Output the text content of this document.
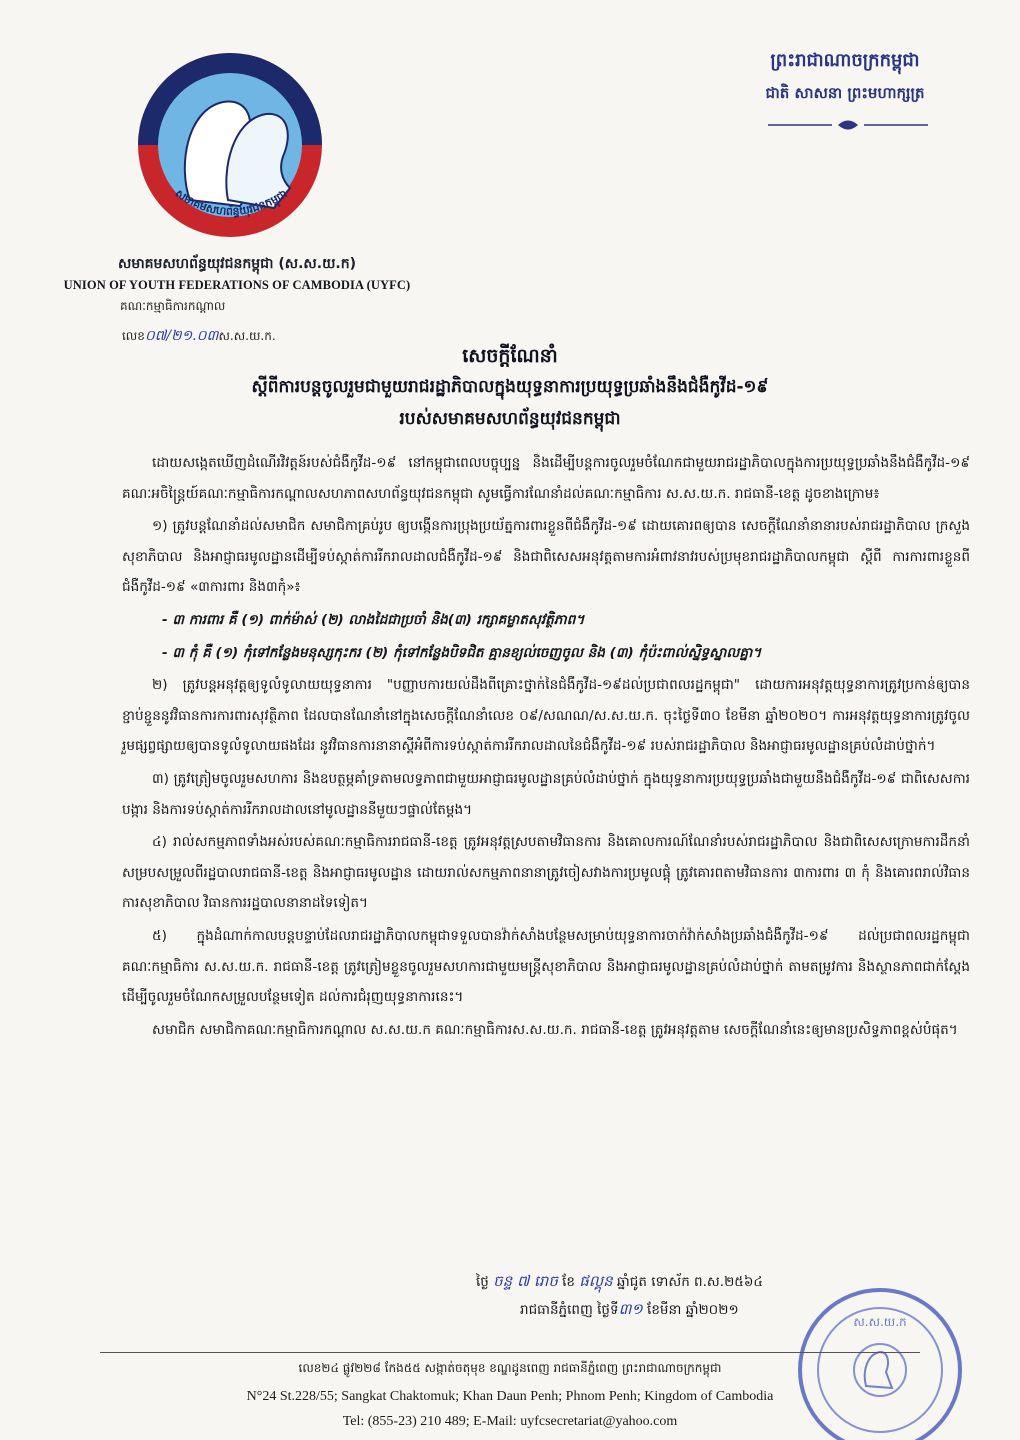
សមាគមសហព័ន្ធយុវជនកម្ពុជា
សមាគមសហព័ន្ធយុវជនកម្ពុជា (ស.ស.យ.ក)
UNION OF YOUTH FEDERATIONS OF CAMBODIA (UYFC)
គណៈកម្មាធិការកណ្តាល
លេខ០៧/២១.០៣ស.ស.យ.ក.
ព្រះរាជាណាចក្រកម្ពុជា
ជាតិ សាសនា ព្រះមហាក្សត្រ
សេចក្តីណែនាំ
ស្តីពីការបន្តចូលរួមជាមួយរាជរដ្ឋាភិបាលក្នុងយុទ្ធនាការប្រយុទ្ធប្រឆាំងនឹងជំងឺកូវីដ-១៩
របស់សមាគមសហព័ន្ធយុវជនកម្ពុជា

ដោយសង្កេតឃើញដំណើរវិវត្តន៍របស់ជំងឺកូវីដ-១៩ នៅកម្ពុជាពេលបច្ចុប្បន្ន និងដើម្បីបន្តការចូលរួមចំណែកជាមួយរាជរដ្ឋាភិបាលក្នុងការប្រយុទ្ធប្រឆាំងនឹងជំងឺកូវីដ-១៩ គណៈអចិន្ត្រៃយ៍គណៈកម្មាធិការកណ្តាលសហភាពសហព័ន្ធយុវជនកម្ពុជា សូមធ្វើការណែនាំដល់គណៈកម្មាធិការ ស.ស.យ.ក. រាជធានី-ខេត្ត ដូចខាងក្រោម៖

១) ត្រូវបន្តណែនាំដល់សមាជិក សមាជិកាគ្រប់រូប ឲ្យបង្កើនការប្រុងប្រយ័ត្នការពារខ្លួនពីជំងឺកូវីដ-១៩ ដោយគោរពឲ្យបាន សេចក្តីណែនាំនានារបស់រាជរដ្ឋាភិបាល ក្រសួងសុខាភិបាល និងអាជ្ញាធរមូលដ្ឋានដើម្បីទប់ស្កាត់ការរីករាលដាលជំងឺកូវីដ-១៩ និងជាពិសេសអនុវត្តតាមការអំពាវនាវរបស់ប្រមុខរាជរដ្ឋាភិបាលកម្ពុជា ស្តីពី ការការពារខ្លួនពីជំងឺកូវីដ-១៩ «៣ការពារ និង៣កុំ»៖

- ៣ ការពារ គឺ (១) ពាក់ម៉ាស់ (២) លាងដៃជាប្រចាំ និង(៣) រក្សាគម្លាតសុវត្ថិភាព។

- ៣ កុំ គឺ (១) កុំទៅកន្លែងមនុស្សកុះករ (២) កុំទៅកន្លែងបិទជិត គ្មានខ្យល់ចេញចូល និង (៣) កុំប៉ះពាល់ស្និទ្ធស្នាលគ្នា។

២) ត្រូវបន្តអនុវត្តឲ្យទូលំទូលាយយុទ្ធនាការ "បញ្ញាបការយល់ដឹងពីគ្រោះថ្នាក់នៃជំងឺកូវីដ-១៩ដល់ប្រជាពលរដ្ឋកម្ពុជា" ដោយការអនុវត្តយុទ្ធនាការត្រូវប្រកាន់ឲ្យបានខ្ជាប់ខ្ជួននូវវិធានការការពារសុវត្ថិភាព ដែលបានណែនាំនៅក្នុងសេចក្តីណែនាំលេខ ០៩/សណណ/ស.ស.យ.ក. ចុះថ្ងៃទី៣០ ខែមីនា ឆ្នាំ២០២០។ ការអនុវត្តយុទ្ធនាការត្រូវចូលរួមផ្សព្វផ្សាយឲ្យបានទូលំទូលាយផងដែរ នូវវិធានការនានាស្តីអំពីការទប់ស្កាត់ការរីករាលដាលនៃជំងឺកូវីដ-១៩ របស់រាជរដ្ឋាភិបាល និងអាជ្ញាធរមូលដ្ឋានគ្រប់លំដាប់ថ្នាក់។

៣) ត្រូវត្រៀមចូលរួមសហការ និងឧបត្ថម្ភគាំទ្រតាមលទ្ធភាពជាមួយអាជ្ញាធរមូលដ្ឋានគ្រប់លំដាប់ថ្នាក់ ក្នុងយុទ្ធនាការប្រយុទ្ធប្រឆាំងជាមួយនឹងជំងឺកូវីដ-១៩ ជាពិសេសការបង្ការ និងការទប់ស្កាត់ការរីករាលដាលនៅមូលដ្ឋាននីមួយៗផ្ទាល់តែម្តង។

៤) រាល់សកម្មភាពទាំងអស់របស់គណៈកម្មាធិការរាជធានី-ខេត្ត ត្រូវអនុវត្តស្របតាមវិធានការ និងគោលការណ៍ណែនាំរបស់រាជរដ្ឋាភិបាល និងជាពិសេសក្រោមការដឹកនាំសម្របសម្រួលពីរដ្ឋបាលរាជធានី-ខេត្ត និងអាជ្ញាធរមូលដ្ឋាន ដោយរាល់សកម្មភាពនានាត្រូវចៀសវាងការប្រមូលផ្តុំ ត្រូវគោរពតាមវិធានការ ៣ការពារ ៣ កុំ និងគោរពរាល់វិធានការសុខាភិបាល វិធានការរដ្ឋបាលនានាដទៃទៀត។

៥) ក្នុងដំណាក់កាលបន្តបន្ទាប់ដែលរាជរដ្ឋាភិបាលកម្ពុជាទទួលបានវ៉ាក់សាំងបន្ថែមសម្រាប់យុទ្ធនាការចាក់វ៉ាក់សាំងប្រឆាំងជំងឺកូវីដ-១៩ ដល់ប្រជាពលរដ្ឋកម្ពុជា គណៈកម្មាធិការ ស.ស.យ.ក. រាជធានី-ខេត្ត ត្រូវត្រៀមខ្លួនចូលរួមសហការជាមួយមន្ត្រីសុខាភិបាល និងអាជ្ញាធរមូលដ្ឋានគ្រប់លំដាប់ថ្នាក់ តាមតម្រូវការ និងស្ថានភាពជាក់ស្តែង ដើម្បីចូលរួមចំណែកសម្រួលបន្ថែមទៀត ដល់ការជំរុញយុទ្ធនាការនេះ។

សមាជិក សមាជិកាគណៈកម្មាធិការកណ្តាល ស.ស.យ.ក គណៈកម្មាធិការស.ស.យ.ក. រាជធានី-ខេត្ត ត្រូវអនុវត្តតាម សេចក្តីណែនាំនេះឲ្យមានប្រសិទ្ធភាពខ្ពស់បំផុត។

ថ្ងៃ ចន្ទ ៧ រោច ខែ ផល្គុន ឆ្នាំជូត ទោស័ក ព.ស.២៥៦៤
រាជធានីភ្នំពេញ ថ្ងៃទី៣១ ខែមីនា ឆ្នាំ២០២១
ស.ស.យ.ក
លេខ២៤ ផ្លូវ២២៨ កែង៥៥ សង្កាត់ចតុមុខ ខណ្ឌដូនពេញ រាជធានីភ្នំពេញ ព្រះរាជាណាចក្រកម្ពុជា
N°24 St.228/55; Sangkat Chaktomuk; Khan Daun Penh; Phnom Penh; Kingdom of Cambodia
Tel: (855-23) 210 489; E-Mail: uyfcsecretariat@yahoo.com
